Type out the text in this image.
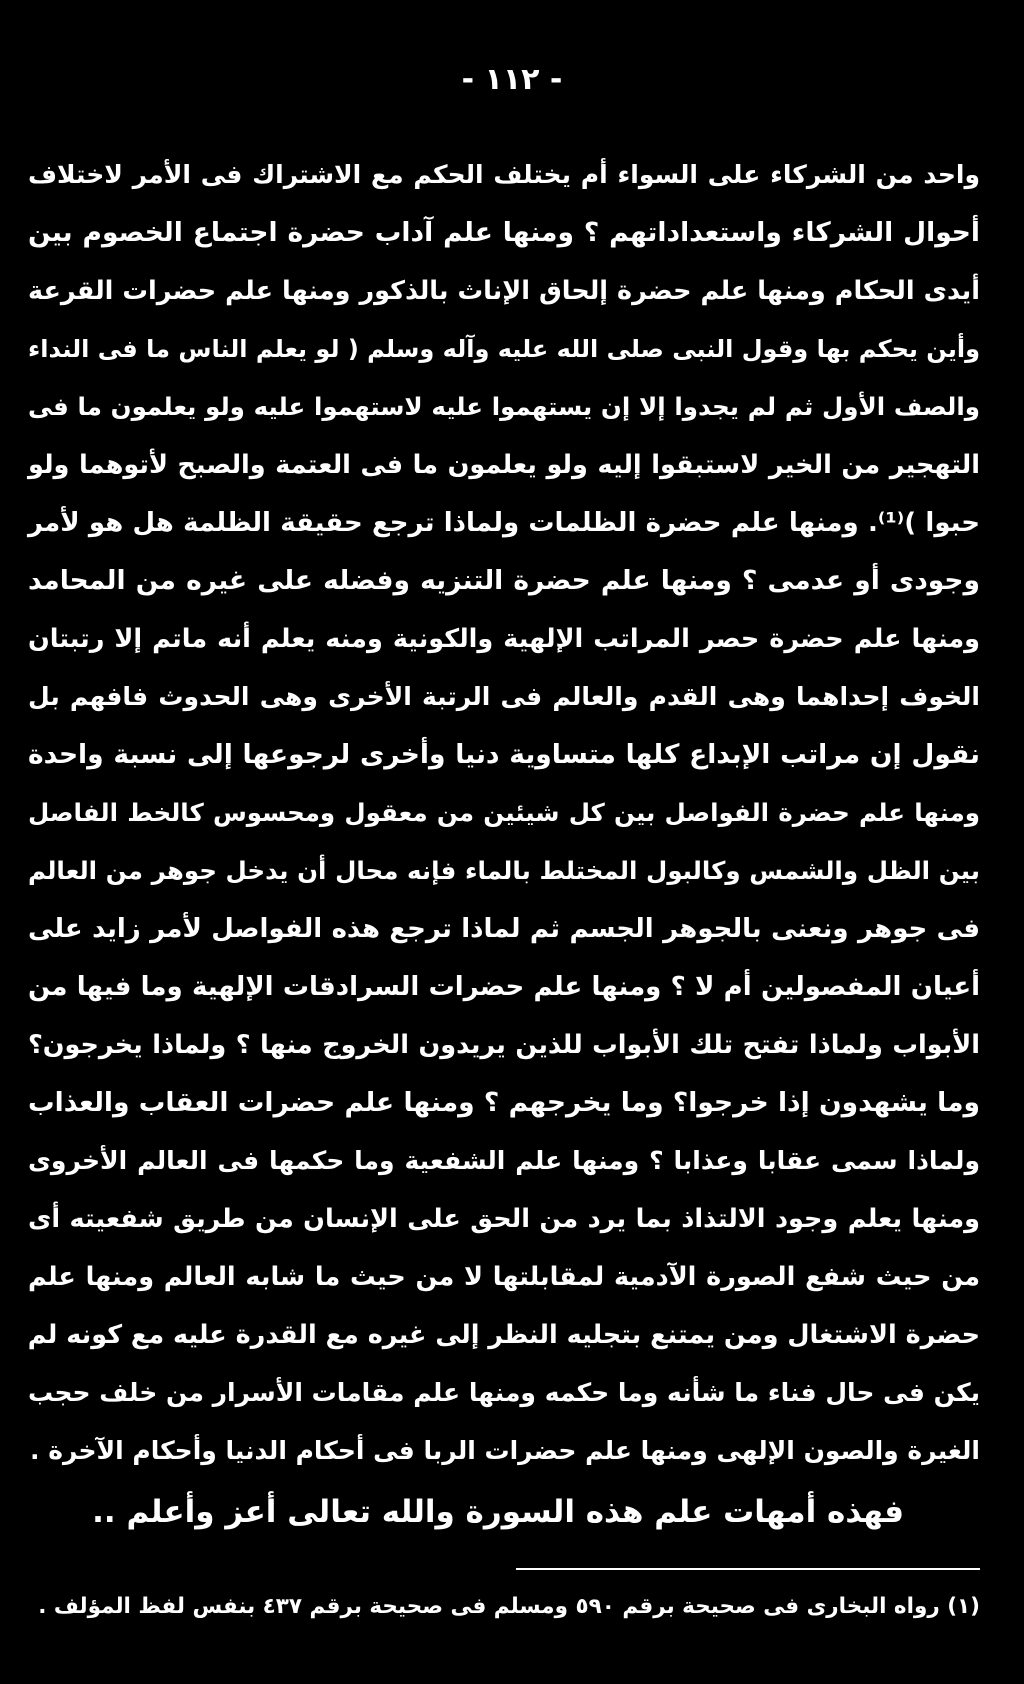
- ١١٢ -
واحد من الشركاء على السواء أم يختلف الحكم مع الاشتراك فى الأمر لاختلاف
أحوال الشركاء واستعداداتهم ؟ ومنها علم آداب حضرة اجتماع الخصوم بين
أيدى الحكام ومنها علم حضرة إلحاق الإناث بالذكور ومنها علم حضرات القرعة
وأين يحكم بها وقول النبى صلى الله عليه وآله وسلم ( لو يعلم الناس ما فى النداء
والصف الأول ثم لم يجدوا إلا إن يستهموا عليه لاستهموا عليه ولو يعلمون ما فى
التهجير من الخير لاستبقوا إليه ولو يعلمون ما فى العتمة والصبح لأتوهما ولو
حبوا )⁽¹⁾. ومنها علم حضرة الظلمات ولماذا ترجع حقيقة الظلمة هل هو لأمر
وجودى أو عدمى ؟ ومنها علم حضرة التنزيه وفضله على غيره من المحامد
ومنها علم حضرة حصر المراتب الإلهية والكونية ومنه يعلم أنه ماتم إلا رتبتان
الخوف إحداهما وهى القدم والعالم فى الرتبة الأخرى وهى الحدوث فافهم بل
نقول إن مراتب الإبداع كلها متساوية دنيا وأخرى لرجوعها إلى نسبة واحدة
ومنها علم حضرة الفواصل بين كل شيئين من معقول ومحسوس كالخط الفاصل
بين الظل والشمس وكالبول المختلط بالماء فإنه محال أن يدخل جوهر من العالم
فى جوهر ونعنى بالجوهر الجسم ثم لماذا ترجع هذه الفواصل لأمر زايد على
أعيان المفصولين أم لا ؟ ومنها علم حضرات السرادقات الإلهية وما فيها من
الأبواب ولماذا تفتح تلك الأبواب للذين يريدون الخروج منها ؟ ولماذا يخرجون؟
وما يشهدون إذا خرجوا؟ وما يخرجهم ؟ ومنها علم حضرات العقاب والعذاب
ولماذا سمى عقابا وعذابا ؟ ومنها علم الشفعية وما حكمها فى العالم الأخروى
ومنها يعلم وجود الالتذاذ بما يرد من الحق على الإنسان من طريق شفعيته أى
من حيث شفع الصورة الآدمية لمقابلتها لا من حيث ما شابه العالم ومنها علم
حضرة الاشتغال ومن يمتنع بتجليه النظر إلى غيره مع القدرة عليه مع كونه لم
يكن فى حال فناء ما شأنه وما حكمه ومنها علم مقامات الأسرار من خلف حجب
الغيرة والصون الإلهى ومنها علم حضرات الربا فى أحكام الدنيا وأحكام الآخرة .
فهذه أمهات علم هذه السورة والله تعالى أعز وأعلم ..
(١) رواه البخارى فى صحيحة برقم ٥٩٠ ومسلم فى صحيحة برقم ٤٣٧ بنفس لفظ المؤلف .
